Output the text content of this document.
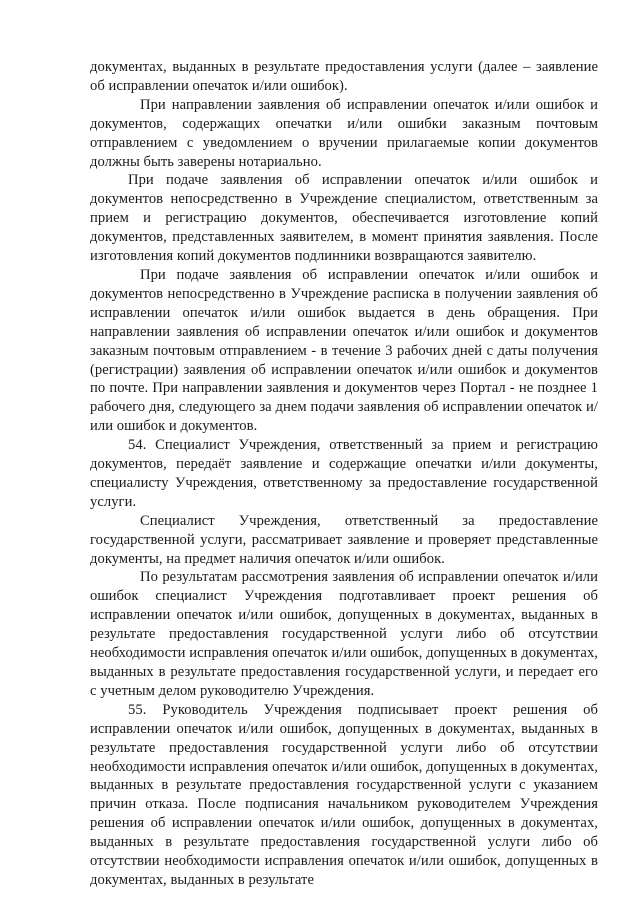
документах, выданных в результате предоставления услуги (далее – заявление об исправлении опечаток и/или ошибок).

При направлении заявления об исправлении опечаток и/или ошибок и документов, содержащих опечатки и/или ошибки заказным почтовым отправлением с уведомлением о вручении прилагаемые копии документов должны быть заверены нотариально.

При подаче заявления об исправлении опечаток и/или ошибок и документов непосредственно в Учреждение специалистом, ответственным за прием и регистрацию документов, обеспечивается изготовление копий документов, представленных заявителем, в момент принятия заявления. После изготовления копий документов подлинники возвращаются заявителю.

При подаче заявления об исправлении опечаток и/или ошибок и документов непосредственно в Учреждение расписка в получении заявления об исправлении опечаток и/или ошибок выдается в день обращения. При направлении заявления об исправлении опечаток и/или ошибок и документов заказным почтовым отправлением - в течение 3 рабочих дней с даты получения (регистрации) заявления об исправлении опечаток и/или ошибок и документов по почте. При направлении заявления и документов через Портал - не позднее 1 рабочего дня, следующего за днем подачи заявления об исправлении опечаток и/или ошибок и документов.

54. Специалист Учреждения, ответственный за прием и регистрацию документов, передаёт заявление и содержащие опечатки и/или документы, специалисту Учреждения, ответственному за предоставление государственной услуги.

Специалист Учреждения, ответственный за предоставление государственной услуги, рассматривает заявление и проверяет представленные документы, на предмет наличия опечаток и/или ошибок.

По результатам рассмотрения заявления об исправлении опечаток и/или ошибок специалист Учреждения подготавливает проект решения об исправлении опечаток и/или ошибок, допущенных в документах, выданных в результате предоставления государственной услуги либо об отсутствии необходимости исправления опечаток и/или ошибок, допущенных в документах, выданных в результате предоставления государственной услуги, и передает его с учетным делом руководителю Учреждения.

55. Руководитель Учреждения подписывает проект решения об исправлении опечаток и/или ошибок, допущенных в документах, выданных в результате предоставления государственной услуги либо об отсутствии необходимости исправления опечаток и/или ошибок, допущенных в документах, выданных в результате предоставления государственной услуги с указанием причин отказа. После подписания начальником руководителем Учреждения решения об исправлении опечаток и/или ошибок, допущенных в документах, выданных в результате предоставления государственной услуги либо об отсутствии необходимости исправления опечаток и/или ошибок, допущенных в документах, выданных в результате
